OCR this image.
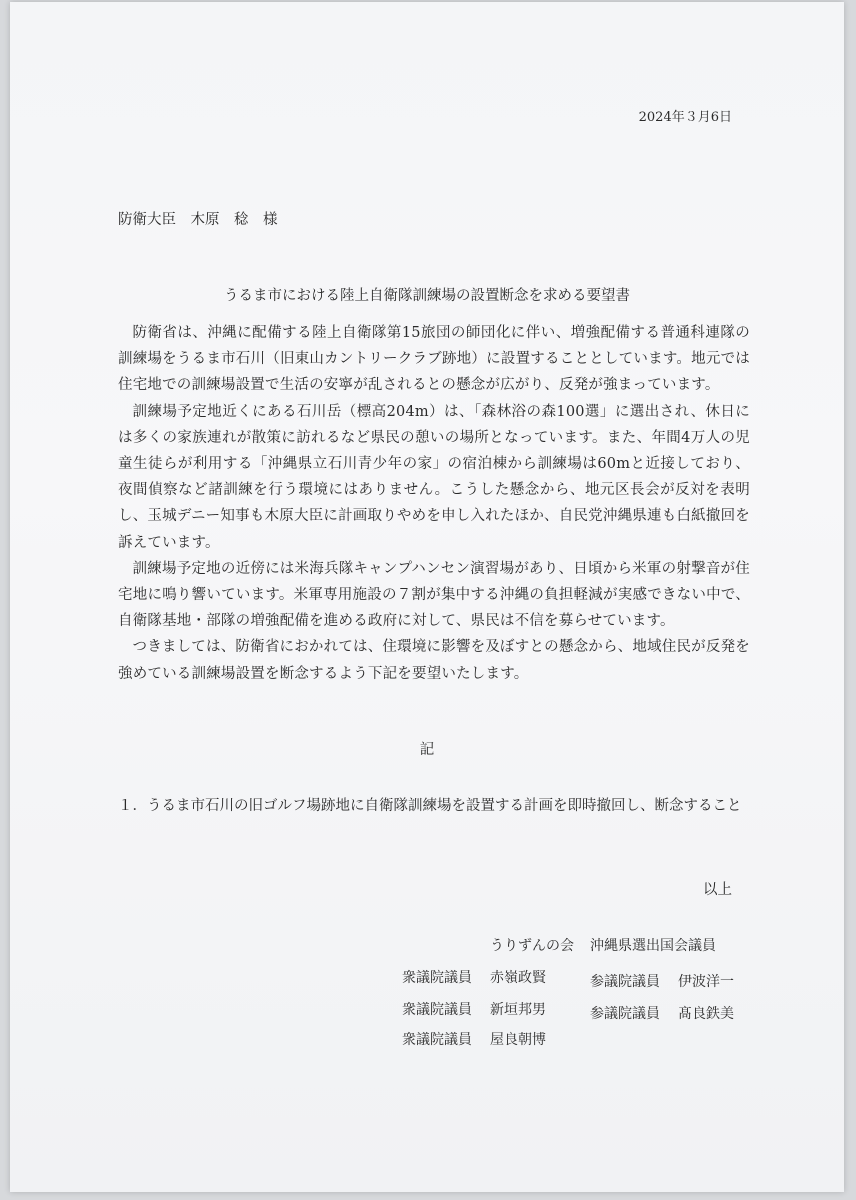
2024年３月6日
防衛大臣　木原　稔　様
うるま市における陸上自衛隊訓練場の設置断念を求める要望書

防衛省は、沖縄に配備する陸上自衛隊第15旅団の師団化に伴い、増強配備する普通科連隊の訓練場をうるま市石川（旧東山カントリークラブ跡地）に設置することとしています。地元では住宅地での訓練場設置で生活の安寧が乱されるとの懸念が広がり、反発が強まっています。

訓練場予定地近くにある石川岳（標高204m）は、「森林浴の森100選」に選出され、休日には多くの家族連れが散策に訪れるなど県民の憩いの場所となっています。また、年間4万人の児童生徒らが利用する「沖縄県立石川青少年の家」の宿泊棟から訓練場は60mと近接しており、夜間偵察など諸訓練を行う環境にはありません。こうした懸念から、地元区長会が反対を表明し、玉城デニー知事も木原大臣に計画取りやめを申し入れたほか、自民党沖縄県連も白紙撤回を訴えています。

訓練場予定地の近傍には米海兵隊キャンプハンセン演習場があり、日頃から米軍の射撃音が住宅地に鳴り響いています。米軍専用施設の７割が集中する沖縄の負担軽減が実感できない中で、自衛隊基地・部隊の増強配備を進める政府に対して、県民は不信を募らせています。

つきましては、防衛省におかれては、住環境に影響を及ぼすとの懸念から、地域住民が反発を強めている訓練場設置を断念するよう下記を要望いたします。

記
１．うるま市石川の旧ゴルフ場跡地に自衛隊訓練場を設置する計画を即時撤回し、断念すること
以上
うりずんの会 沖縄県選出国会議員
衆議院議員 赤嶺政賢
衆議院議員 新垣邦男
衆議院議員 屋良朝博
参議院議員 伊波洋一
参議院議員 髙良鉄美
